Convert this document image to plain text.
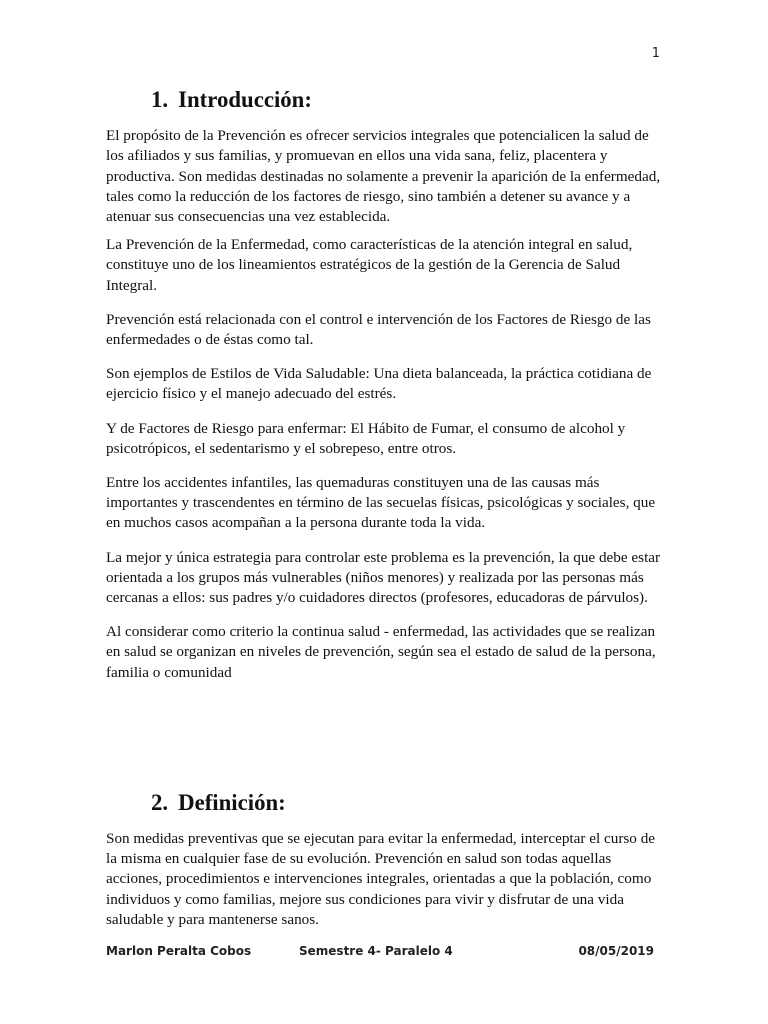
1
1. Introducción:

El propósito de la Prevención es ofrecer servicios integrales que potencialicen la salud de los afiliados y sus familias, y promuevan en ellos una vida sana, feliz, placentera y productiva. Son medidas destinadas no solamente a prevenir la aparición de la enfermedad, tales como la reducción de los factores de riesgo, sino también a detener su avance y a atenuar sus consecuencias una vez establecida.

La Prevención de la Enfermedad, como características de la atención integral en salud, constituye uno de los lineamientos estratégicos de la gestión de la Gerencia de Salud Integral.

Prevención está relacionada con el control e intervención de los Factores de Riesgo de las enfermedades o de éstas como tal.

Son ejemplos de Estilos de Vida Saludable: Una dieta balanceada, la práctica cotidiana de ejercicio físico y el manejo adecuado del estrés.

Y de Factores de Riesgo para enfermar: El Hábito de Fumar, el consumo de alcohol y psicotrópicos, el sedentarismo y el sobrepeso, entre otros.

Entre los accidentes infantiles, las quemaduras constituyen una de las causas más importantes y trascendentes en término de las secuelas físicas, psicológicas y sociales, que en muchos casos acompañan a la persona durante toda la vida.

La mejor y única estrategia para controlar este problema es la prevención, la que debe estar orientada a los grupos más vulnerables (niños menores) y realizada por las personas más cercanas a ellos: sus padres y/o cuidadores directos (profesores, educadoras de párvulos).

Al considerar como criterio la continua salud - enfermedad, las actividades que se realizan en salud se organizan en niveles de prevención, según sea el estado de salud de la persona, familia o comunidad

2. Definición:

Son medidas preventivas que se ejecutan para evitar la enfermedad, interceptar el curso de la misma en cualquier fase de su evolución. Prevención en salud son todas aquellas acciones, procedimientos e intervenciones integrales, orientadas a que la población, como individuos y como familias, mejore sus condiciones para vivir y disfrutar de una vida saludable y para mantenerse sanos.

Marlon Peralta Cobos	Semestre 4- Paralelo 4	08/05/2019
